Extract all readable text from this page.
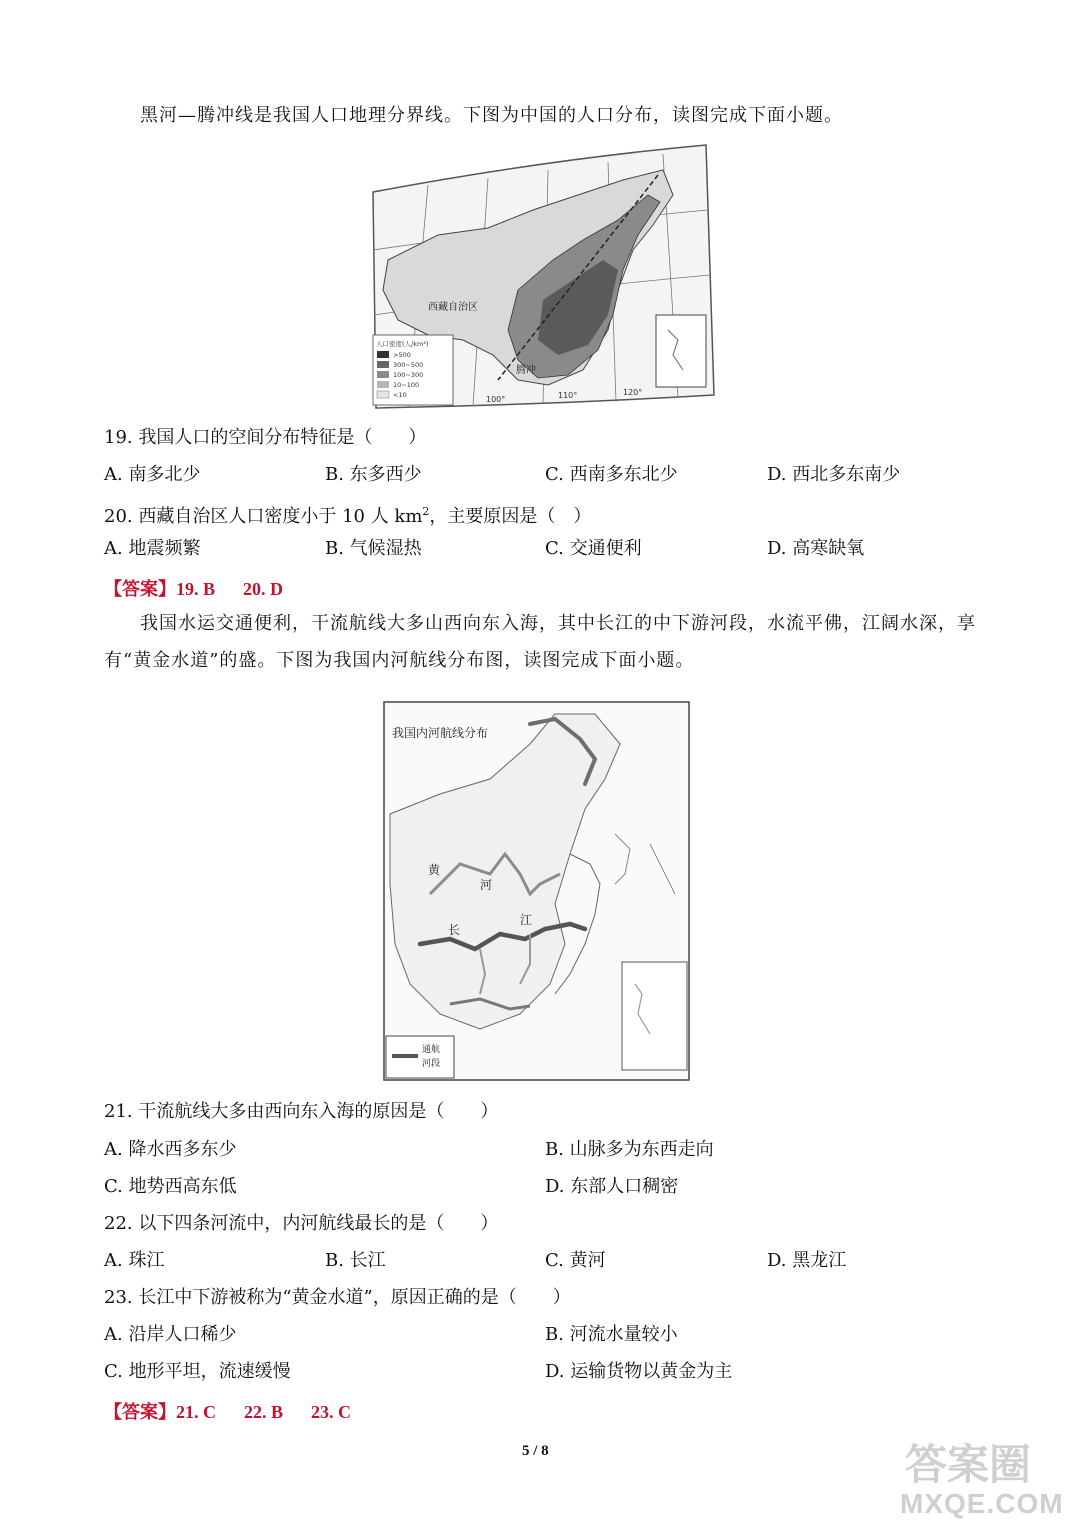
黑河—腾冲线是我国人口地理分界线。下图为中国的人口分布，读图完成下面小题。
人口密度(人/km²)
>500
300~500
100~300
10~100
<10
西藏自治区
腾冲
100°	110°	120°
19. 我国人口的空间分布特征是（　　）
A. 南多北少	B. 东多西少	C. 西南多东北少	D. 西北多东南少
20. 西藏自治区人口密度小于 10 人 $km^2$，主要原因是（　）
A. 地震频繁	B. 气候湿热	C. 交通便利	D. 高寒缺氧
【答案】19. B 20. D
我国水运交通便利，干流航线大多山西向东入海，其中长江的中下游河段，水流平佛，江阔水深，享
有“黄金水道”的盛。下图为我国内河航线分布图，读图完成下面小题。
我国内河航线分布
黄
河
长
江
通航
河段
21. 干流航线大多由西向东入海的原因是（　　）
A. 降水西多东少	B. 山脉多为东西走向
C. 地势西高东低	D. 东部人口稠密
22. 以下四条河流中，内河航线最长的是（　　）
A. 珠江	B. 长江	C. 黄河	D. 黑龙江
23. 长江中下游被称为“黄金水道”，原因正确的是（　　）
A. 沿岸人口稀少	B. 河流水量较小
C. 地形平坦，流速缓慢	D. 运输货物以黄金为主
【答案】21. C 22. B 23. C
5 / 8	答案圈
MXQE.COM
